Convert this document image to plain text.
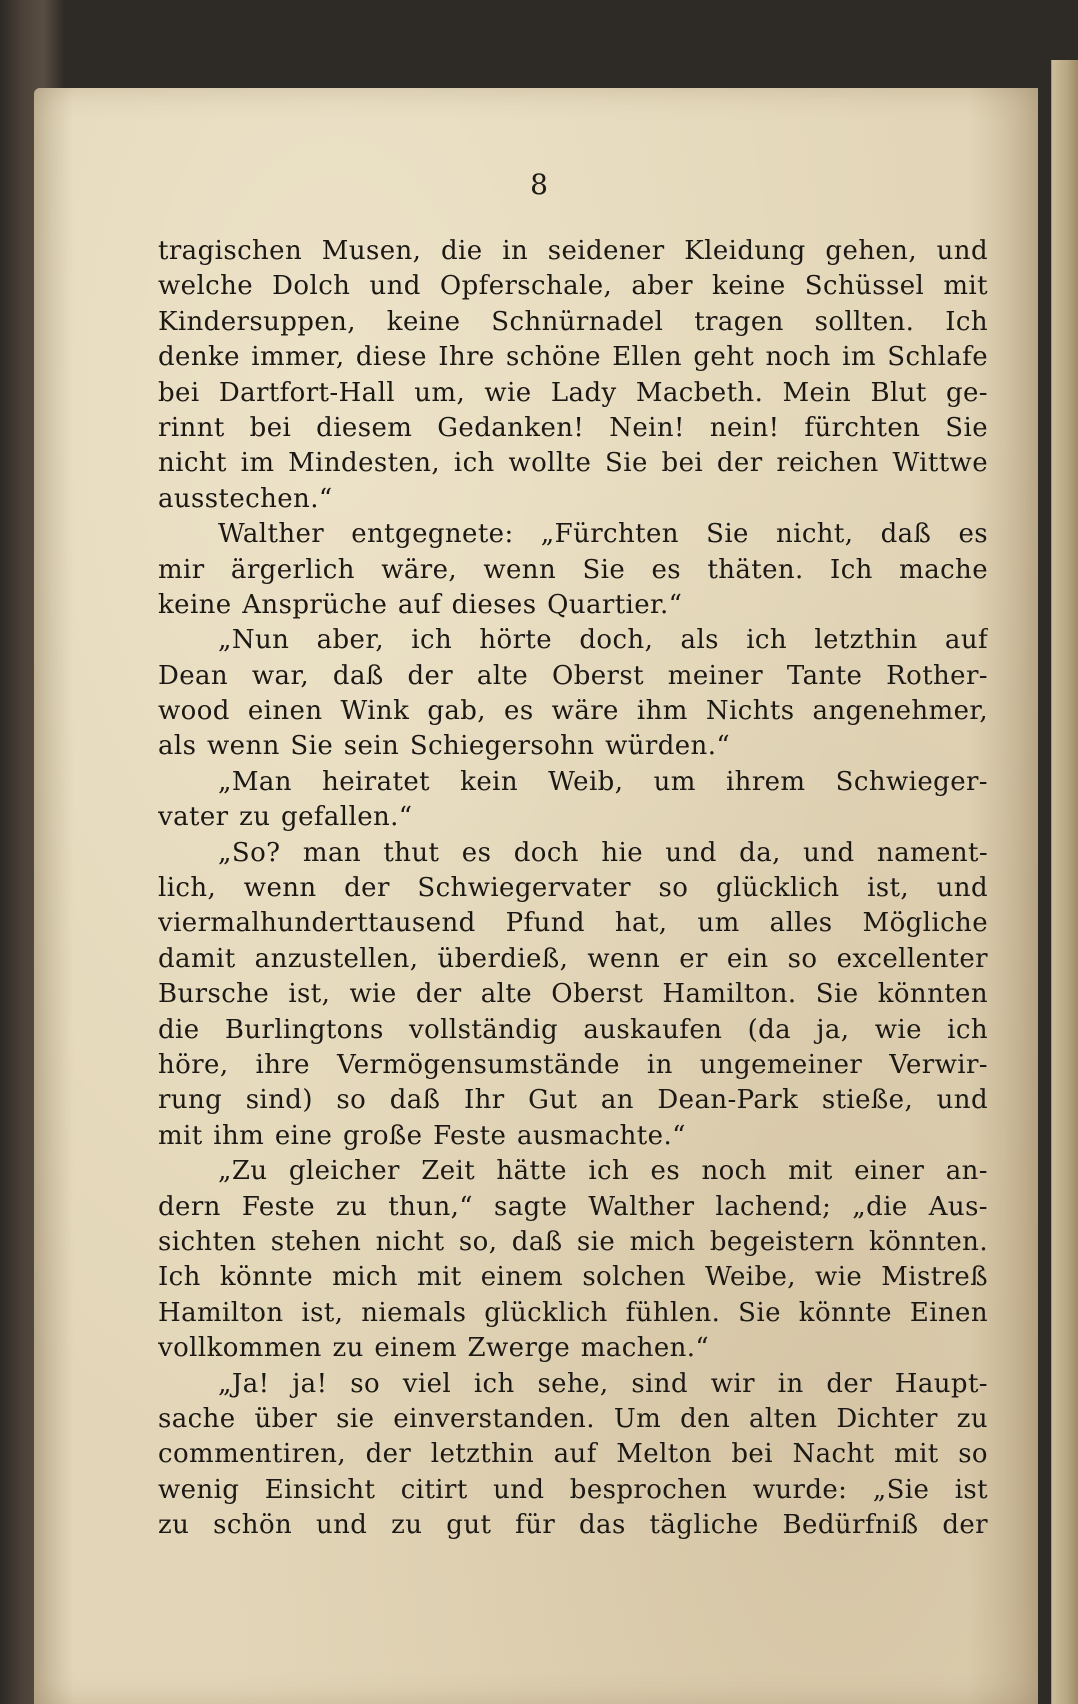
8
tragischen Musen, die in seidener Kleidung gehen, und
welche Dolch und Opferschale, aber keine Schüssel mit
Kindersuppen, keine Schnürnadel tragen sollten. Ich
denke immer, diese Ihre schöne Ellen geht noch im Schlafe
bei Dartfort-Hall um, wie Lady Macbeth. Mein Blut ge-
rinnt bei diesem Gedanken! Nein! nein! fürchten Sie
nicht im Mindesten, ich wollte Sie bei der reichen Wittwe
ausstechen.“
Walther entgegnete: „Fürchten Sie nicht, daß es
mir ärgerlich wäre, wenn Sie es thäten. Ich mache
keine Ansprüche auf dieses Quartier.“
„Nun aber, ich hörte doch, als ich letzthin auf
Dean war, daß der alte Oberst meiner Tante Rother-
wood einen Wink gab, es wäre ihm Nichts angenehmer,
als wenn Sie sein Schiegersohn würden.“
„Man heiratet kein Weib, um ihrem Schwieger-
vater zu gefallen.“
„So? man thut es doch hie und da, und nament-
lich, wenn der Schwiegervater so glücklich ist, und
viermalhunderttausend Pfund hat, um alles Mögliche
damit anzustellen, überdieß, wenn er ein so excellenter
Bursche ist, wie der alte Oberst Hamilton. Sie könnten
die Burlingtons vollständig auskaufen (da ja, wie ich
höre, ihre Vermögensumstände in ungemeiner Verwir-
rung sind) so daß Ihr Gut an Dean-Park stieße, und
mit ihm eine große Feste ausmachte.“
„Zu gleicher Zeit hätte ich es noch mit einer an-
dern Feste zu thun,“ sagte Walther lachend; „die Aus-
sichten stehen nicht so, daß sie mich begeistern könnten.
Ich könnte mich mit einem solchen Weibe, wie Mistreß
Hamilton ist, niemals glücklich fühlen. Sie könnte Einen
vollkommen zu einem Zwerge machen.“
„Ja! ja! so viel ich sehe, sind wir in der Haupt-
sache über sie einverstanden. Um den alten Dichter zu
commentiren, der letzthin auf Melton bei Nacht mit so
wenig Einsicht citirt und besprochen wurde: „Sie ist
zu schön und zu gut für das tägliche Bedürfniß der
